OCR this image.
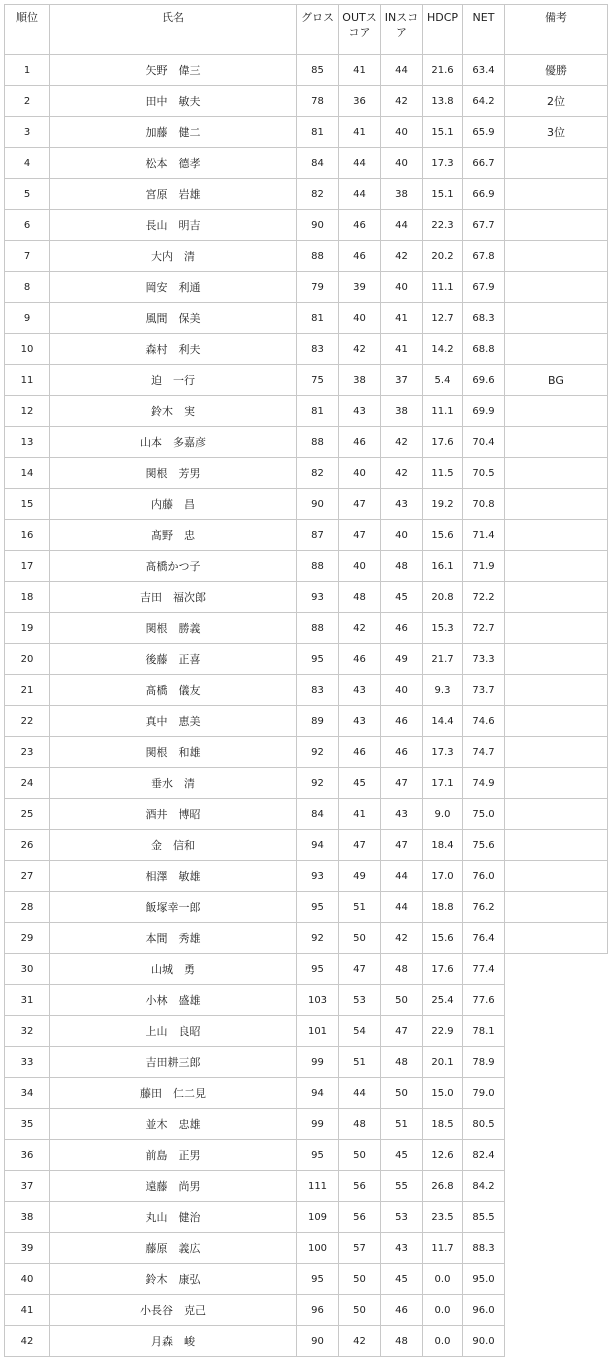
順位	氏名	グロス	OUTスコア	INスコア	HDCP	NET	備考
1	矢野　偉三	85	41	44	21.6	63.4	優勝
2	田中　敏夫	78	36	42	13.8	64.2	2位
3	加藤　健二	81	41	40	15.1	65.9	3位
4	松本　德孝	84	44	40	17.3	66.7	
5	宮原　岩雄	82	44	38	15.1	66.9	
6	長山　明吉	90	46	44	22.3	67.7	
7	大内　清	88	46	42	20.2	67.8	
8	岡安　利通	79	39	40	11.1	67.9	
9	風間　保美	81	40	41	12.7	68.3	
10	森村　利夫	83	42	41	14.2	68.8	
11	迫　一行	75	38	37	5.4	69.6	BG
12	鈴木　実	81	43	38	11.1	69.9	
13	山本　多嘉彦	88	46	42	17.6	70.4	
14	関根　芳男	82	40	42	11.5	70.5	
15	内藤　昌	90	47	43	19.2	70.8	
16	髙野　忠	87	47	40	15.6	71.4	
17	髙橋かつ子	88	40	48	16.1	71.9	
18	吉田　福次郎	93	48	45	20.8	72.2	
19	関根　勝義	88	42	46	15.3	72.7	
20	後藤　正喜	95	46	49	21.7	73.3	
21	髙橋　儀友	83	43	40	9.3	73.7	
22	真中　恵美	89	43	46	14.4	74.6	
23	関根　和雄	92	46	46	17.3	74.7	
24	垂水　清	92	45	47	17.1	74.9	
25	酒井　博昭	84	41	43	9.0	75.0	
26	金　信和	94	47	47	18.4	75.6	
27	相澤　敏雄	93	49	44	17.0	76.0	
28	飯塚幸一郎	95	51	44	18.8	76.2	
29	本間　秀雄	92	50	42	15.6	76.4	
30	山城　勇	95	47	48	17.6	77.4	
31	小林　盛雄	103	53	50	25.4	77.6	
32	上山　良昭	101	54	47	22.9	78.1	
33	吉田耕三郎	99	51	48	20.1	78.9	
34	藤田　仁二見	94	44	50	15.0	79.0	
35	並木　忠雄	99	48	51	18.5	80.5	
36	前島　正男	95	50	45	12.6	82.4	
37	遠藤　尚男	111	56	55	26.8	84.2	
38	丸山　健治	109	56	53	23.5	85.5	
39	藤原　義広	100	57	43	11.7	88.3	
40	鈴木　康弘	95	50	45	0.0	95.0	
41	小長谷　克己	96	50	46	0.0	96.0	
42	月森　峻	90	42	48	0.0	90.0	
